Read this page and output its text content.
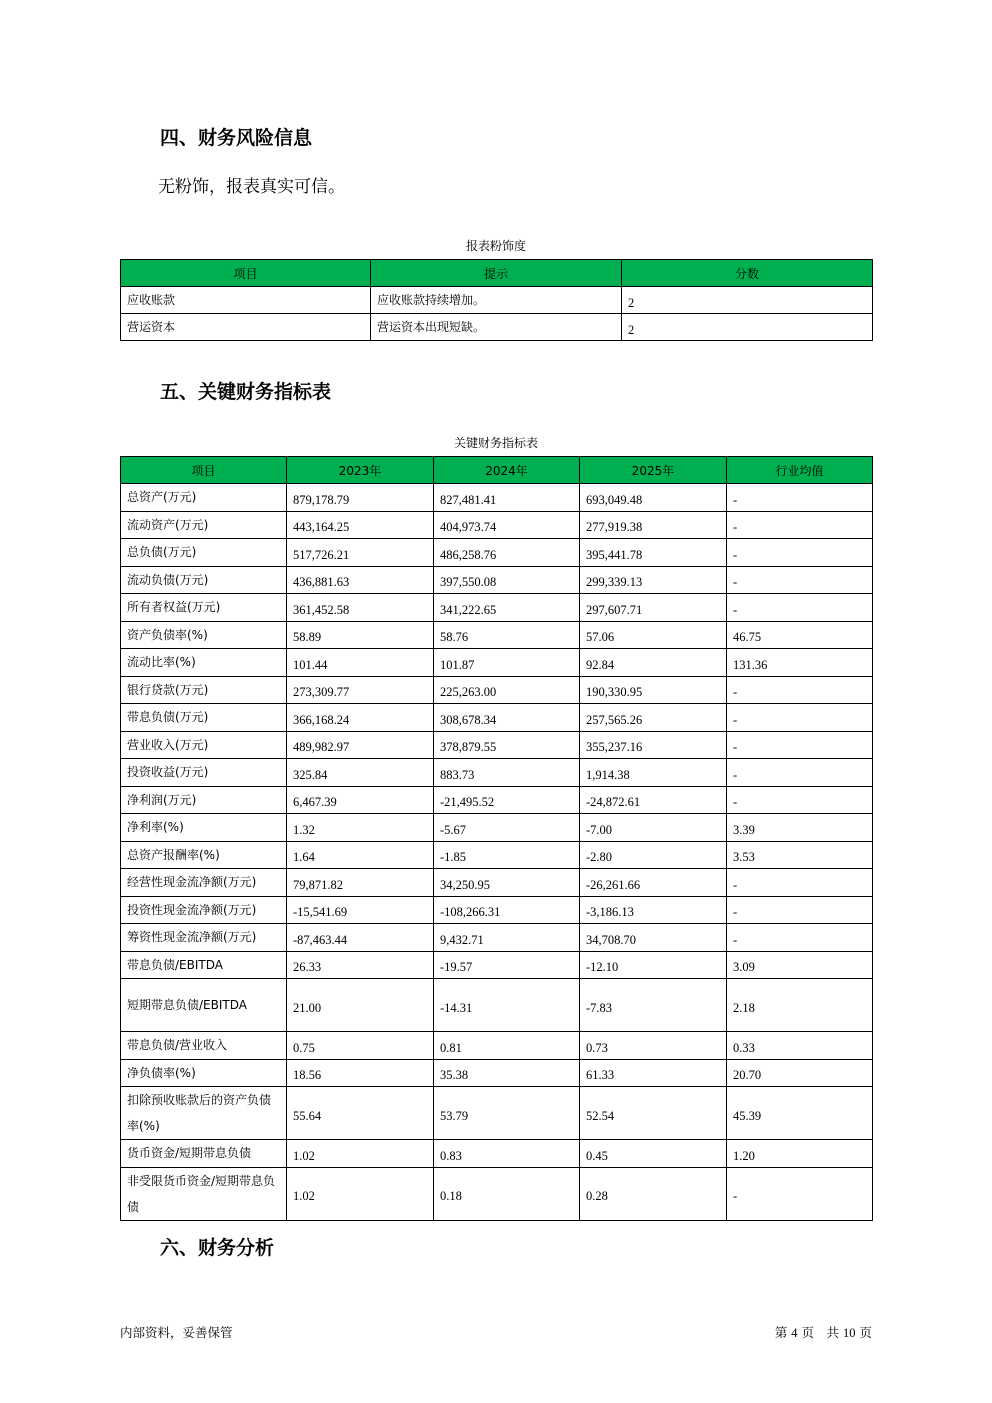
四、财务风险信息

无粉饰，报表真实可信。

报表粉饰度
项目	提示	分数
应收账款	应收账款持续增加。	2
营运资本	营运资本出现短缺。	2
五、关键财务指标表
关键财务指标表
项目	2023年	2024年	2025年	行业均值
总资产(万元)	879,178.79	827,481.41	693,049.48	-
流动资产(万元)	443,164.25	404,973.74	277,919.38	-
总负债(万元)	517,726.21	486,258.76	395,441.78	-
流动负债(万元)	436,881.63	397,550.08	299,339.13	-
所有者权益(万元)	361,452.58	341,222.65	297,607.71	-
资产负债率(%)	58.89	58.76	57.06	46.75
流动比率(%)	101.44	101.87	92.84	131.36
银行贷款(万元)	273,309.77	225,263.00	190,330.95	-
带息负债(万元)	366,168.24	308,678.34	257,565.26	-
营业收入(万元)	489,982.97	378,879.55	355,237.16	-
投资收益(万元)	325.84	883.73	1,914.38	-
净利润(万元)	6,467.39	-21,495.52	-24,872.61	-
净利率(%)	1.32	-5.67	-7.00	3.39
总资产报酬率(%)	1.64	-1.85	-2.80	3.53
经营性现金流净额(万元)	79,871.82	34,250.95	-26,261.66	-
投资性现金流净额(万元)	-15,541.69	-108,266.31	-3,186.13	-
筹资性现金流净额(万元)	-87,463.44	9,432.71	34,708.70	-
带息负债/EBITDA	26.33	-19.57	-12.10	3.09
短期带息负债/EBITDA	21.00	-14.31	-7.83	2.18
带息负债/营业收入	0.75	0.81	0.73	0.33
净负债率(%)	18.56	35.38	61.33	20.70
扣除预收账款后的资产负债率(%)	55.64	53.79	52.54	45.39
货币资金/短期带息负债	1.02	0.83	0.45	1.20
非受限货币资金/短期带息负债	1.02	0.18	0.28	-
六、财务分析
内部资料，妥善保管	第 4 页　共 10 页
